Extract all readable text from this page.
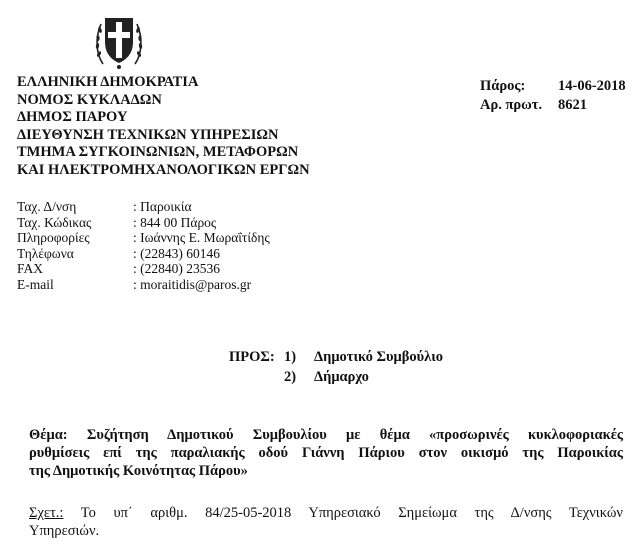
ΕΛΛΗΝΙΚΗ ΔΗΜΟΚΡΑΤΙΑ
ΝΟΜΟΣ ΚΥΚΛΑΔΩΝ
ΔΗΜΟΣ ΠΑΡΟΥ
ΔΙΕΥΘΥΝΣΗ ΤΕΧΝΙΚΩΝ ΥΠΗΡΕΣΙΩΝ
ΤΜΗΜΑ ΣΥΓΚΟΙΝΩΝΙΩΝ, ΜΕΤΑΦΟΡΩΝ
ΚΑΙ ΗΛΕΚΤΡΟΜΗΧΑΝΟΛΟΓΙΚΩΝ ΕΡΓΩΝ
Πάρος:	14-06-2018
Αρ. πρωτ.	8621
Ταχ. Δ/νση	: Παροικία
Ταχ. Κώδικας	: 844 00 Πάρος
Πληροφορίες	: Ιωάννης Ε. Μωραΐτίδης
Τηλέφωνα	: (22843) 60146
FAX	: (22840) 23536
E-mail	: moraitidis@paros.gr
ΠΡΟΣ: 1)	Δημοτικό Συμβούλιο
2)	Δήμαρχο
Θέμα: Συζήτηση Δημοτικού Συμβουλίου με θέμα «προσωρινές κυκλοφοριακές
ρυθμίσεις επί της παραλιακής οδού Γιάννη Πάριου στον οικισμό της Παροικίας
της Δημοτικής Κοινότητας Πάρου»
Σχετ.: Το υπ΄ αριθμ. 84/25-05-2018 Υπηρεσιακό Σημείωμα της Δ/νσης Τεχνικών
Υπηρεσιών.
